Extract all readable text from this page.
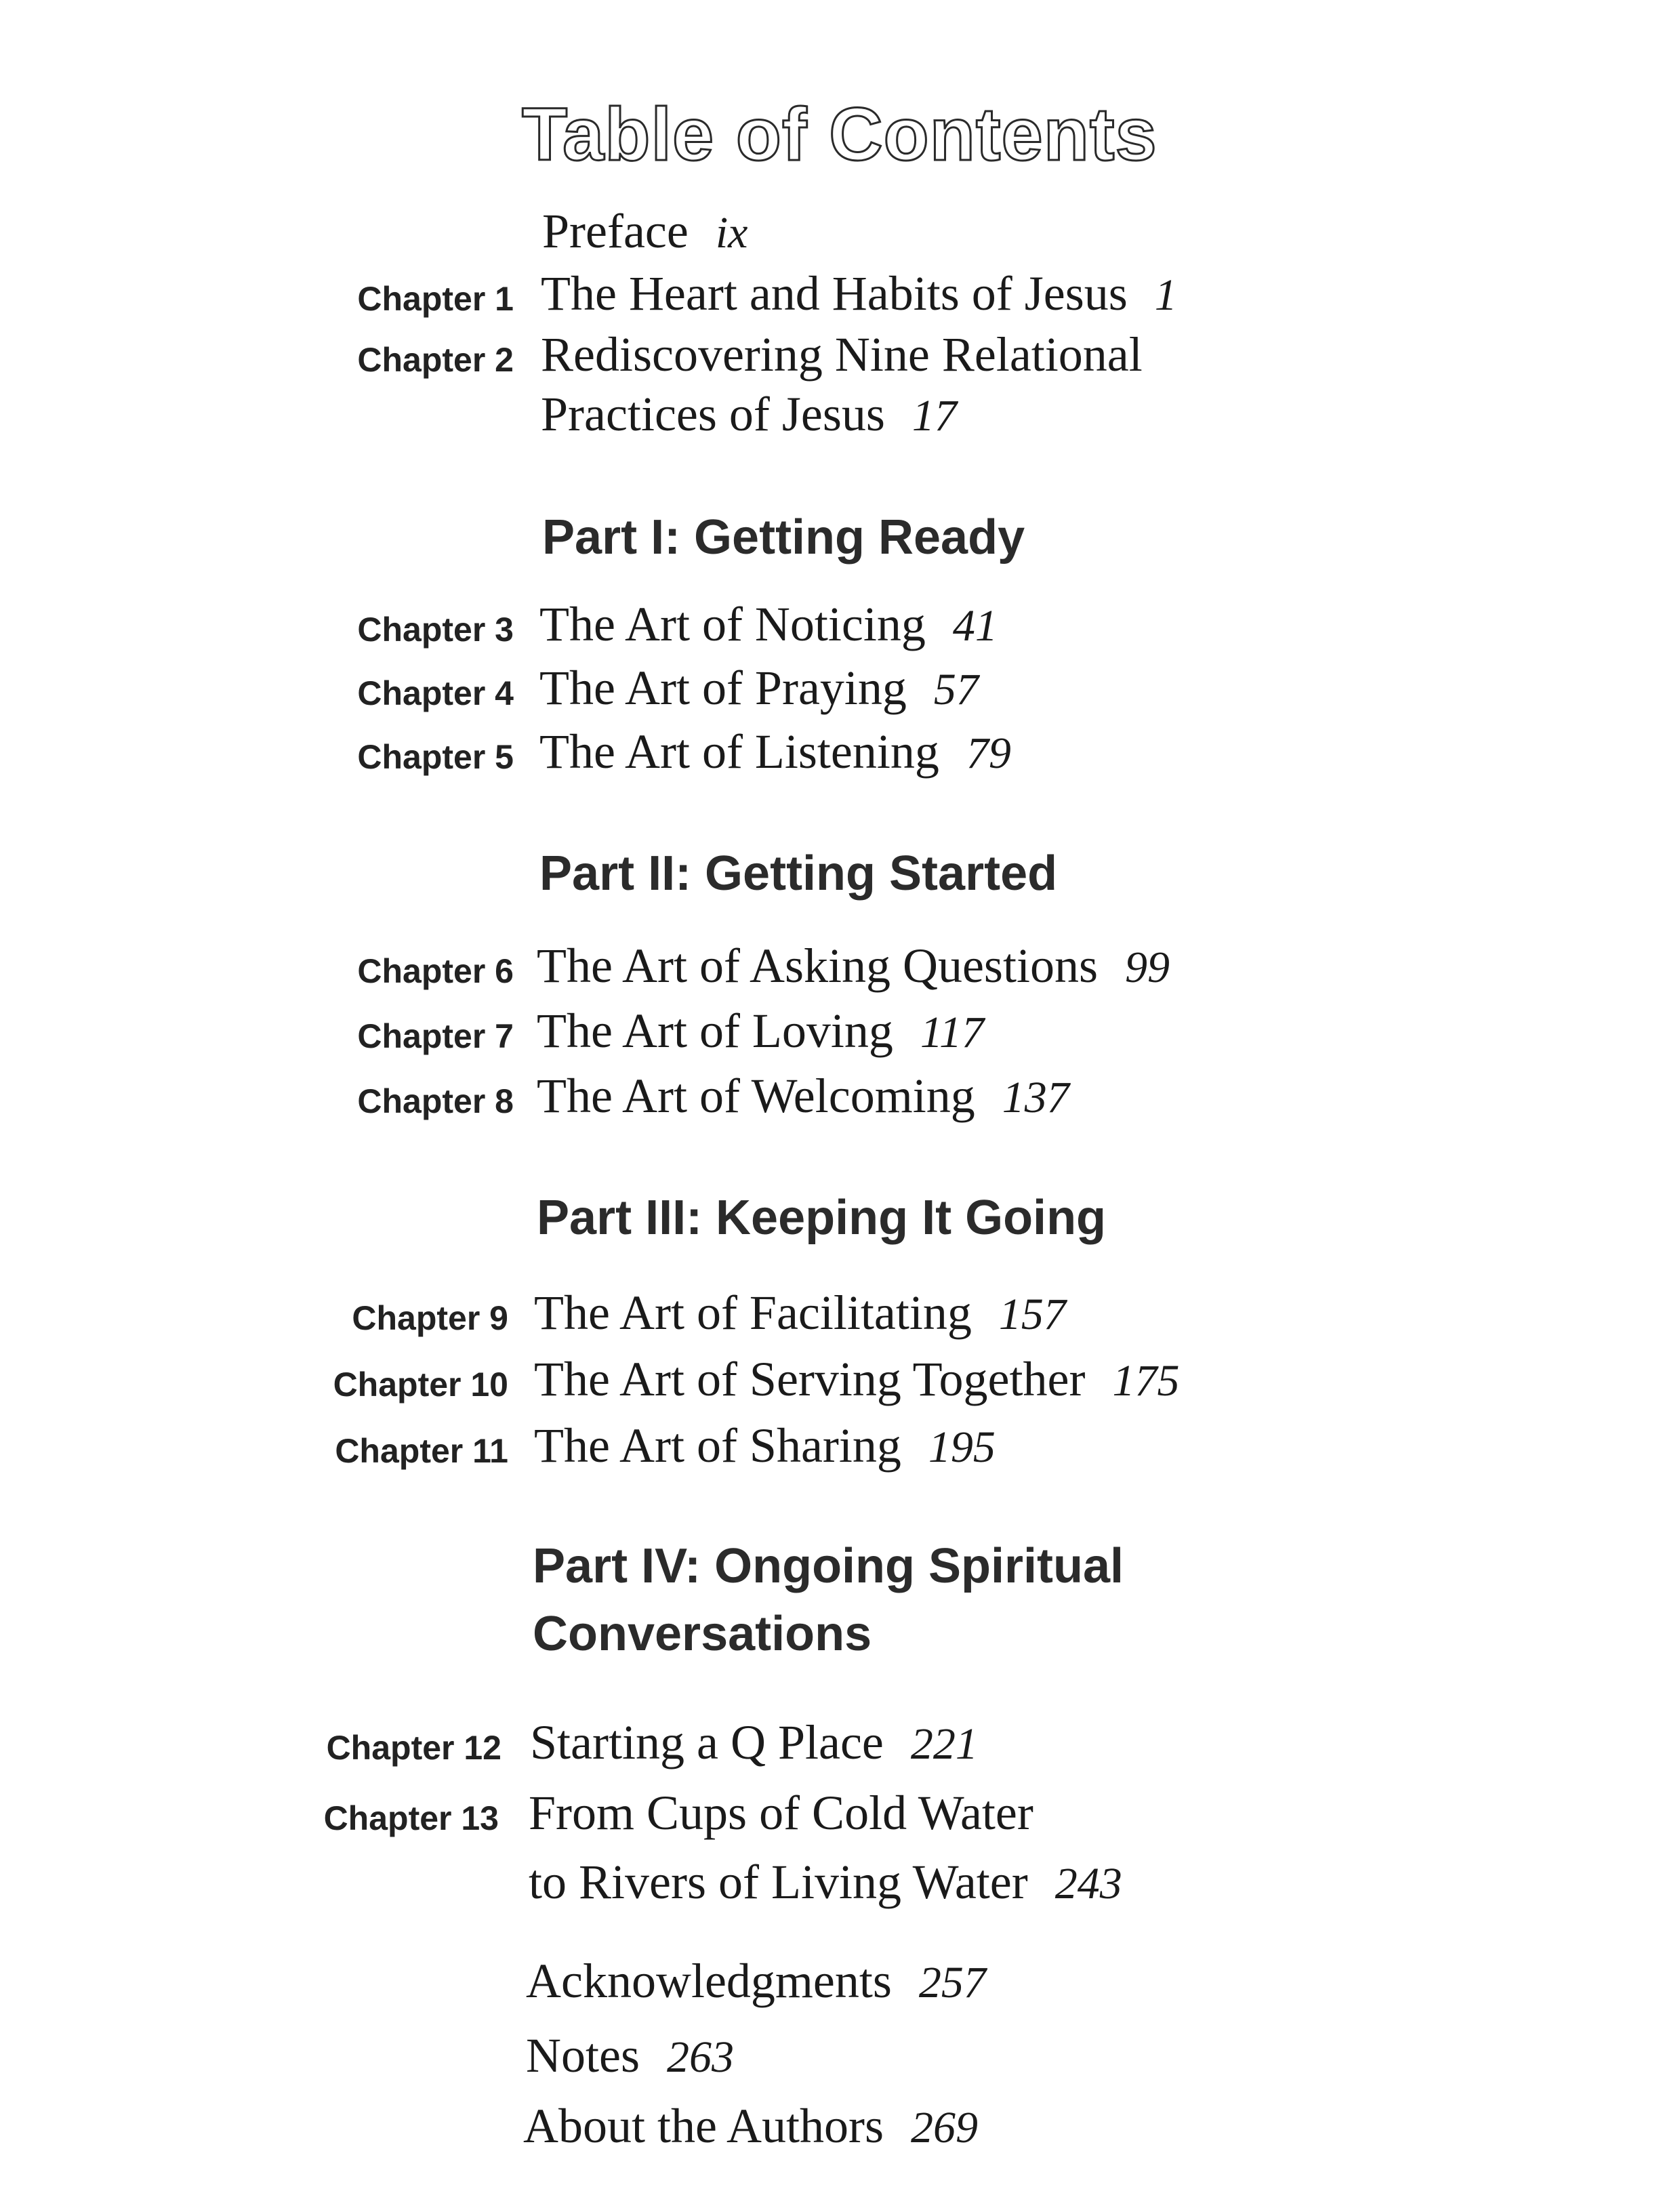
Table of Contents
Preface ix
Chapter 1 The Heart and Habits of Jesus 1
Chapter 2 Rediscovering Nine Relational
Practices of Jesus 17
Part I: Getting Ready
Chapter 3 The Art of Noticing 41
Chapter 4 The Art of Praying 57
Chapter 5 The Art of Listening 79
Part II: Getting Started
Chapter 6 The Art of Asking Questions 99
Chapter 7 The Art of Loving 117
Chapter 8 The Art of Welcoming 137
Part III: Keeping It Going
Chapter 9 The Art of Facilitating 157
Chapter 10 The Art of Serving Together 175
Chapter 11 The Art of Sharing 195
Part IV: Ongoing Spiritual
Conversations
Chapter 12 Starting a Q Place 221
Chapter 13 From Cups of Cold Water
to Rivers of Living Water 243
Acknowledgments 257
Notes 263
About the Authors 269
